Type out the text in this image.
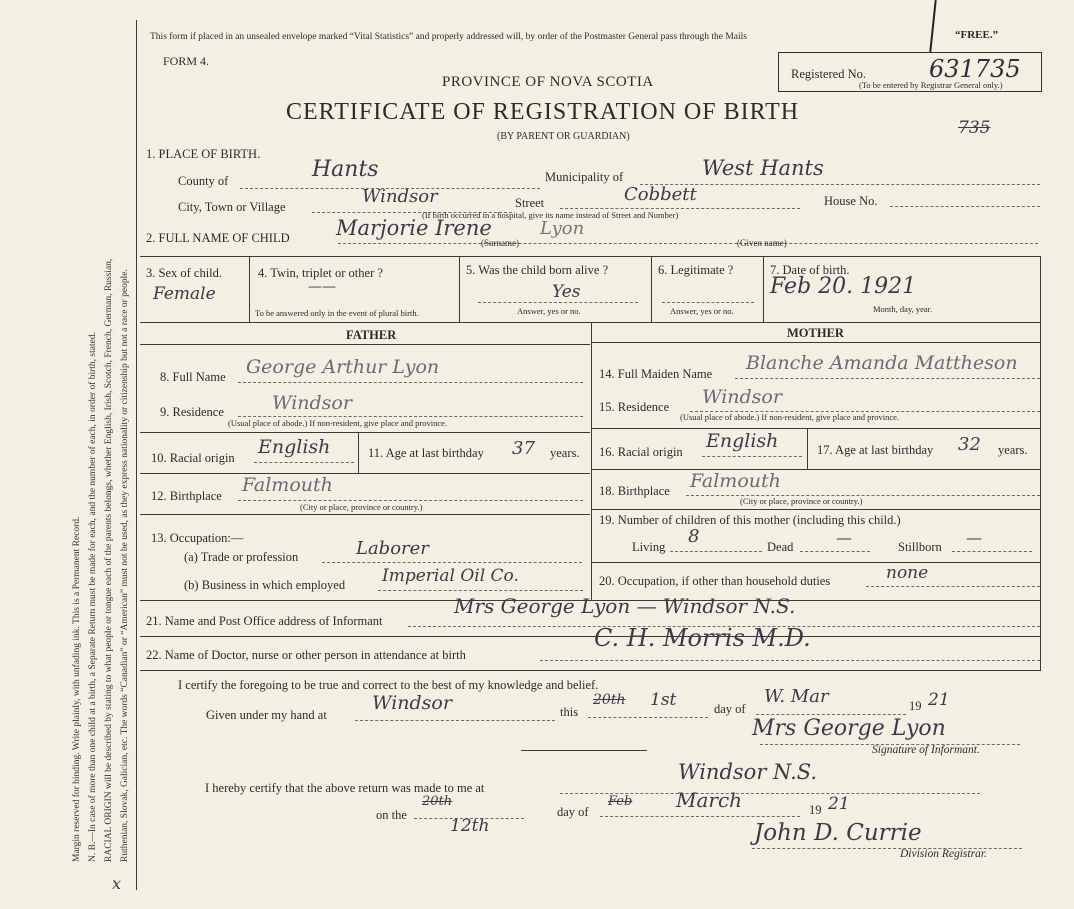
Margin reserved for binding. Write plainly, with unfading ink. This is a Permanent Record. N. B.—In case of more than one child at a birth, a Separate Return must be made for each, and the number of each, in order of birth, stated. RACIAL ORIGIN will be described by stating to what people or tongue each of the parents belongs, whether English, Irish, Scotch, French, German, Russian, Ruthenian, Slovak, Galician, etc. The words “Canadian” or “American” must not be used, as they express nationality or citizenship but not a race or people.
x
This form if placed in an unsealed envelope marked “Vital Statistics” and properly addressed will, by order of the Postmaster General pass through the Mails	“FREE.”
FORM 4.
PROVINCE OF NOVA SCOTIA
CERTIFICATE OF REGISTRATION OF BIRTH
(BY PARENT OR GUARDIAN)
Registered No.	631735
(To be entered by Registrar General only.)
735
1. PLACE OF BIRTH.
County of	Hants	Municipality of	West Hants
City, Town or Village	Windsor	Street	Cobbett	House No.
(If birth occurred in a hospital, give its name instead of Street and Number)
2. FULL NAME OF CHILD Marjorie Irene	Lyon
(Surname)	(Given name)
3. Sex of child.
Female
4. Twin, triplet or other ?
——
To be answered only in the event of plural birth.
5. Was the child born alive ?
Yes
Answer, yes or no.
6. Legitimate ?
Answer, yes or no.
7. Date of birth.
Feb 20. 1921
Month, day, year.
FATHER	MOTHER
8. Full Name George Arthur Lyon
9. Residence	Windsor
(Usual place of abode.) If non-resident, give place and province.
10. Racial origin English	11. Age at last birthday 37 years.
12. Birthplace Falmouth
(City or place, province or country.)
13. Occupation:—
(a) Trade or profession	Laborer
(b) Business in which employed Imperial Oil Co.
14. Full Maiden Name Blanche Amanda Mattheson
15. Residence Windsor
(Usual place of abode.) If non-resident, give place and province.
16. Racial origin English	17. Age at last birthday 32 years.
18. Birthplace Falmouth
(City or place, province or country.)
19. Number of children of this mother (including this child.)
Living 8	Dead	—	Stillborn —
20. Occupation, if other than household duties	none
21. Name and Post Office address of Informant
Mrs George Lyon — Windsor N.S.
22. Name of Doctor, nurse or other person in attendance at birth
C. H. Morris M.D.
I certify the foregoing to be true and correct to the best of my knowledge and belief.
Given under my hand at
Windsor	this
20th 1st	day of
W. Mar	19 21
Mrs George Lyon
Signature of Informant.
I hereby certify that the above return was made to me at
Windsor N.S.
on the
20th
12th
day of
Feb March	19 21
John D. Currie
Division Registrar.
